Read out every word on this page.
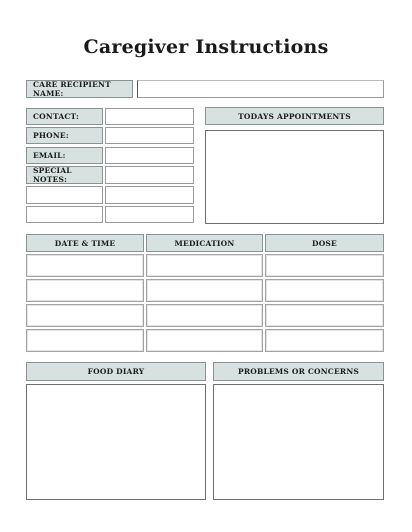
Caregiver Instructions
CARE RECIPIENT NAME:
CONTACT:
PHONE:
EMAIL:
SPECIAL NOTES:
TODAYS APPOINTMENTS
DATE & TIME	MEDICATION	DOSE
FOOD DIARY	PROBLEMS OR CONCERNS
